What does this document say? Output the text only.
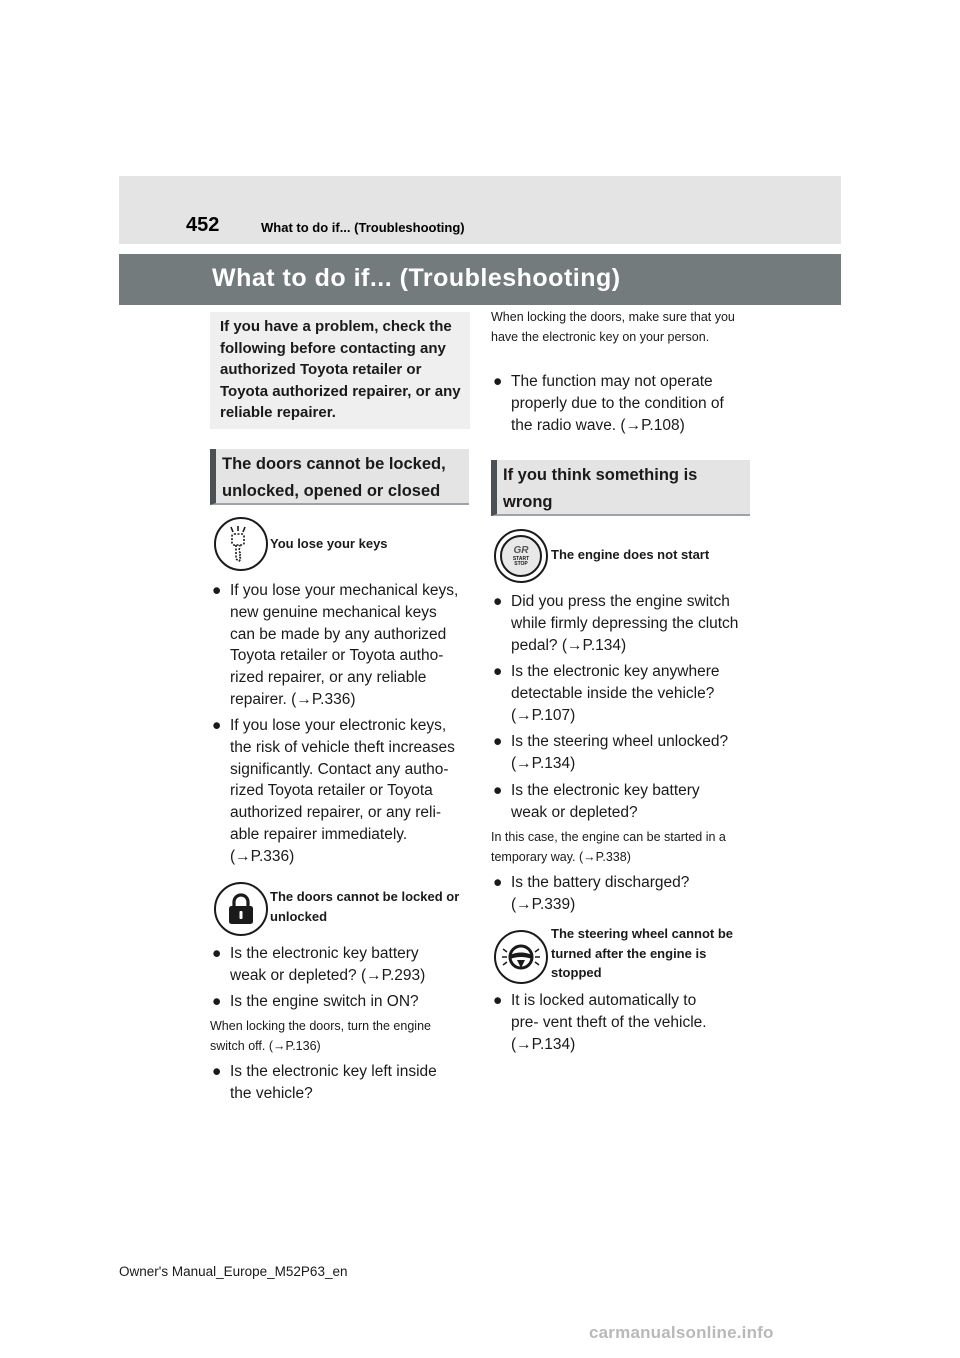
452	What to do if... (Troubleshooting)
What to do if... (Troubleshooting)
If you have a problem, check the following before contacting any authorized Toyota retailer or Toyota authorized repairer, or any reliable repairer.
The doors cannot be locked, unlocked, opened or closed
You lose your keys
● If you lose your mechanical keys, new genuine mechanical keys can be made by any authorized Toyota retailer or Toyota autho- rized repairer, or any reliable repairer. (→P.336)
● If you lose your electronic keys, the risk of vehicle theft increases significantly. Contact any autho- rized Toyota retailer or Toyota authorized repairer, or any reli- able repairer immediately. (→P.336)
The doors cannot be locked or unlocked
● Is the electronic key battery weak or depleted? (→P.293)
● Is the engine switch in ON?
When locking the doors, turn the engine switch off. (→P.136)
● Is the electronic key left inside the vehicle?
When locking the doors, make sure that you have the electronic key on your person.
● The function may not operate properly due to the condition of the radio wave. (→P.108)
If you think something is wrong
GR
START
STOP
The engine does not start
● Did you press the engine switch while firmly depressing the clutch pedal? (→P.134)
● Is the electronic key anywhere detectable inside the vehicle? (→P.107)
● Is the steering wheel unlocked? (→P.134)
● Is the electronic key battery weak or depleted?
In this case, the engine can be started in a temporary way. (→P.338)
● Is the battery discharged? (→P.339)
The steering wheel cannot be turned after the engine is stopped
● It is locked automatically to pre- vent theft of the vehicle. (→P.134)
Owner's Manual_Europe_M52P63_en
carmanualsonline.info
